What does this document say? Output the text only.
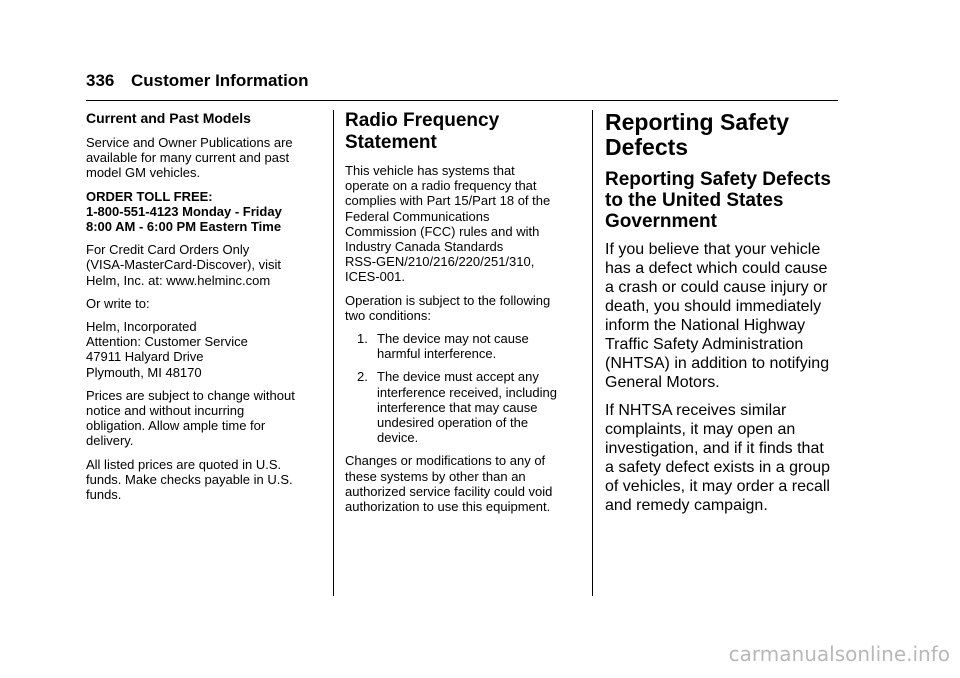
336 Customer Information
Current and Past Models

Service and Owner Publications are
available for many current and past
model GM vehicles.

ORDER TOLL FREE:
1-800-551-4123 Monday - Friday
8:00 AM - 6:00 PM Eastern Time

For Credit Card Orders Only
(VISA-MasterCard-Discover), visit
Helm, Inc. at: www.helminc.com

Or write to:

Helm, Incorporated
Attention: Customer Service
47911 Halyard Drive
Plymouth, MI 48170

Prices are subject to change without
notice and without incurring
obligation. Allow ample time for
delivery.

All listed prices are quoted in U.S.
funds. Make checks payable in U.S.
funds.

Radio Frequency
Statement

This vehicle has systems that
operate on a radio frequency that
complies with Part 15/Part 18 of the
Federal Communications
Commission (FCC) rules and with
Industry Canada Standards
RSS-GEN/210/216/220/251/310,
ICES-001.

Operation is subject to the following
two conditions:

1. The device may not cause
harmful interference.
2. The device must accept any
interference received, including
interference that may cause
undesired operation of the
device.

Changes or modifications to any of
these systems by other than an
authorized service facility could void
authorization to use this equipment.

Reporting Safety
Defects
Reporting Safety Defects
to the United States
Government

If you believe that your vehicle
has a defect which could cause
a crash or could cause injury or
death, you should immediately
inform the National Highway
Traffic Safety Administration
(NHTSA) in addition to notifying
General Motors.

If NHTSA receives similar
complaints, it may open an
investigation, and if it finds that
a safety defect exists in a group
of vehicles, it may order a recall
and remedy campaign.

carmanualsonline.info
